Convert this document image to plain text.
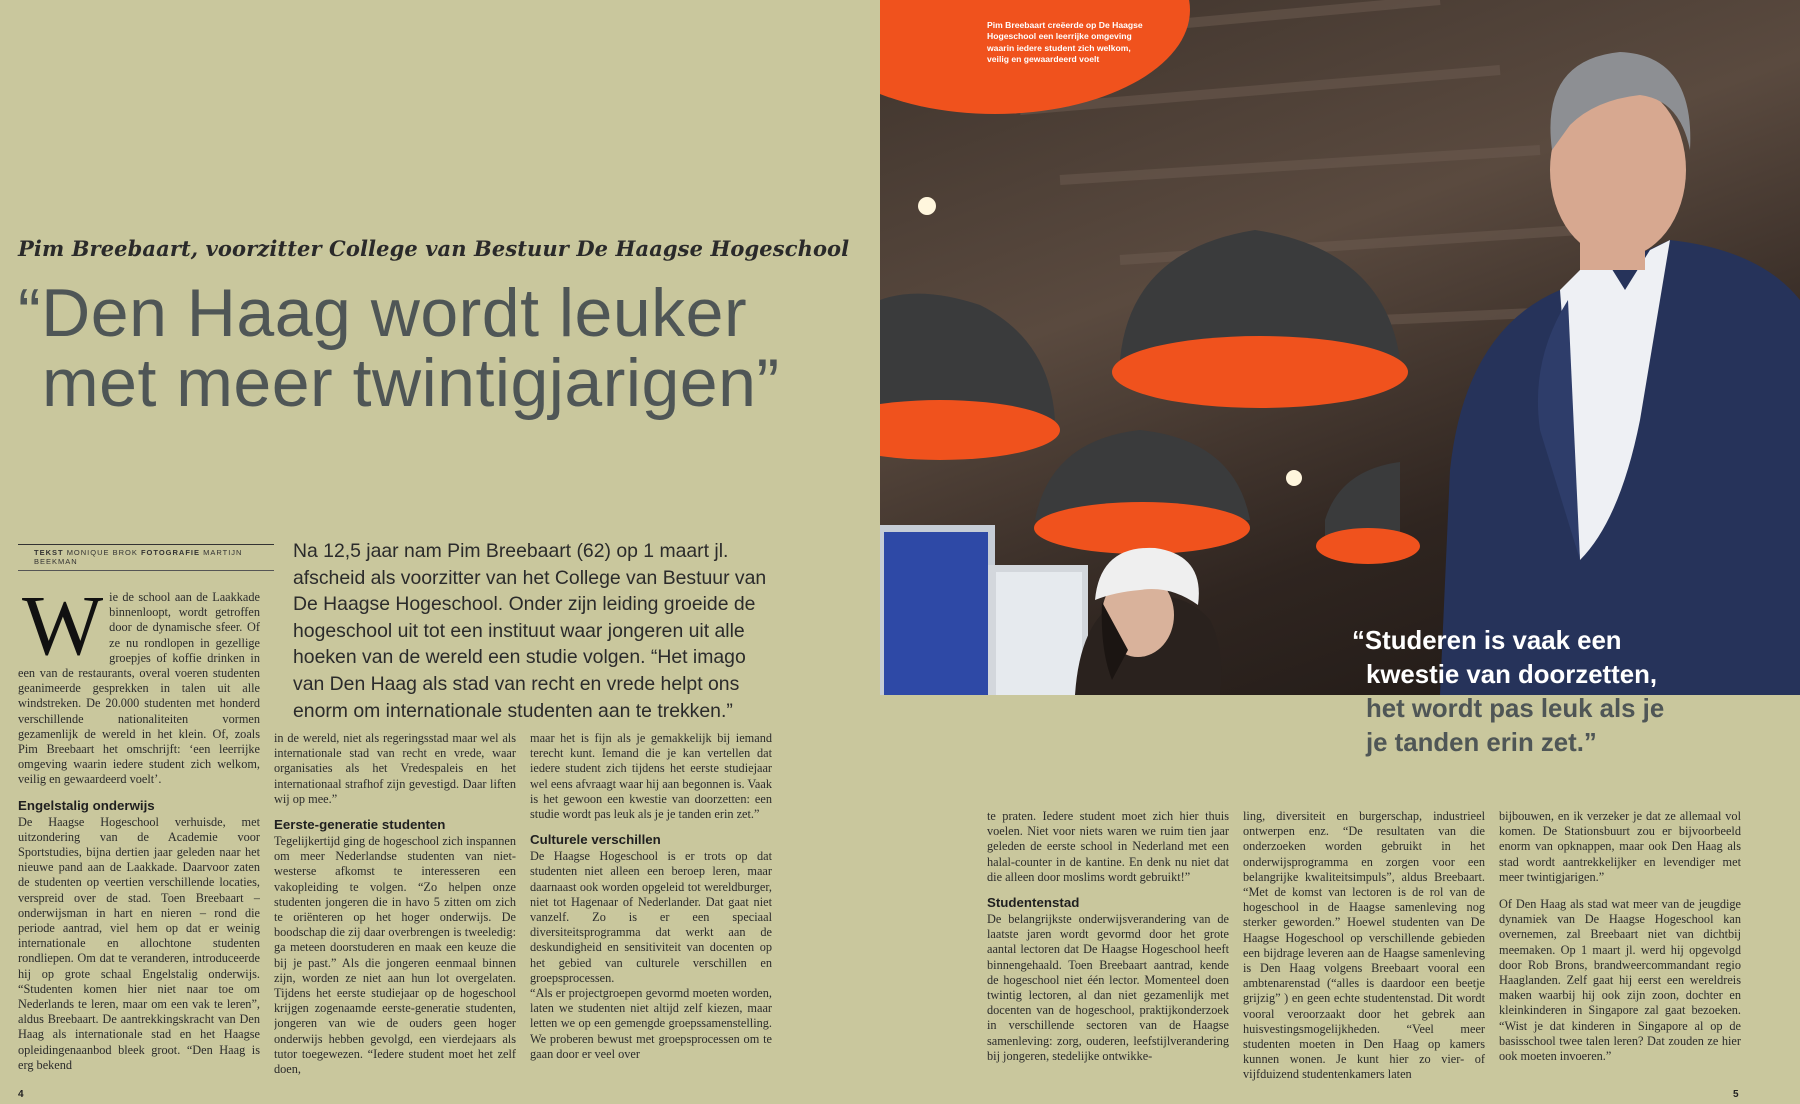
Pim Breebaart, voorzitter College van Bestuur De Haagse Hogeschool
“Den Haag wordt leuker
met meer twintigjarigen”
TEKST MONIQUE BROK FOTOGRAFIE MARTIJN BEEKMAN	Na 12,5 jaar nam Pim Breebaart (62) op 1 maart jl. afscheid als voorzitter van het College van Bestuur van De Haagse Hogeschool. Onder zijn leiding groeide de hogeschool uit tot een instituut waar jongeren uit alle hoeken van de wereld een studie volgen. “Het imago van Den Haag als stad van recht en vrede helpt ons enorm om internationale studenten aan te trekken.”
W ie de school aan de Laakkade binnenloopt, wordt getroffen door de dynamische sfeer. Of ze nu rondlopen in gezellige groepjes of koffie drinken in een van de restaurants, overal voeren studenten geanimeerde gesprekken in talen uit alle windstreken. De 20.000 studenten met honderd verschillende nationaliteiten vormen gezamenlijk de wereld in het klein. Of, zoals Pim Breebaart het omschrijft: ‘een leerrijke omgeving waarin iedere student zich welkom, veilig en gewaardeerd voelt’.

Engelstalig onderwijs

De Haagse Hogeschool verhuisde, met uitzondering van de Academie voor Sportstudies, bijna dertien jaar geleden naar het nieuwe pand aan de Laakkade. Daarvoor zaten de studenten op veertien verschillende locaties, verspreid over de stad. Toen Breebaart – onderwijsman in hart en nieren – rond die periode aantrad, viel hem op dat er weinig internationale en allochtone studenten rondliepen. Om dat te veranderen, introduceerde hij op grote schaal Engelstalig onderwijs. “Studenten komen hier niet naar toe om Nederlands te leren, maar om een vak te leren”, aldus Breebaart. De aantrekkingskracht van Den Haag als internationale stad en het Haagse opleidingenaanbod bleek groot. “Den Haag is erg bekend

in de wereld, niet als regeringsstad maar wel als internationale stad van recht en vrede, waar organisaties als het Vredespaleis en het internationaal strafhof zijn gevestigd. Daar liften wij op mee.”

Eerste-generatie studenten

Tegelijkertijd ging de hogeschool zich inspannen om meer Nederlandse studenten van niet-westerse afkomst te interesseren een vakopleiding te volgen. “Zo helpen onze studenten jongeren die in havo 5 zitten om zich te oriënteren op het hoger onderwijs. De boodschap die zij daar overbrengen is tweeledig: ga meteen doorstuderen en maak een keuze die bij je past.” Als die jongeren eenmaal binnen zijn, worden ze niet aan hun lot overgelaten. Tijdens het eerste studiejaar op de hogeschool krijgen zogenaamde eerste-generatie studenten, jongeren van wie de ouders geen hoger onderwijs hebben gevolgd, een vierdejaars als tutor toegewezen. “Iedere student moet het zelf doen,

maar het is fijn als je gemakkelijk bij iemand terecht kunt. Iemand die je kan vertellen dat iedere student zich tijdens het eerste studiejaar wel eens afvraagt waar hij aan begonnen is. Vaak is het gewoon een kwestie van doorzetten: een studie wordt pas leuk als je je tanden erin zet.”

Culturele verschillen

De Haagse Hogeschool is er trots op dat studenten niet alleen een beroep leren, maar daarnaast ook worden opgeleid tot wereldburger, niet tot Hagenaar of Nederlander. Dat gaat niet vanzelf. Zo is er een speciaal diversiteitsprogramma dat werkt aan de deskundigheid en sensitiviteit van docenten op het gebied van culturele verschillen en groepsprocessen.

“Als er projectgroepen gevormd moeten worden, laten we studenten niet altijd zelf kiezen, maar letten we op een gemengde groepssamenstelling. We proberen bewust met groepsprocessen om te gaan door er veel over

4
Pim Breebaart creëerde op De Haagse Hogeschool een leerrijke omgeving waarin iedere student zich welkom, veilig en gewaardeerd voelt
“Studeren is vaak een
kwestie van doorzetten,
het wordt pas leuk als je
je tanden erin zet.”

te praten. Iedere student moet zich hier thuis voelen. Niet voor niets waren we ruim tien jaar geleden de eerste school in Nederland met een halal-counter in de kantine. En denk nu niet dat die alleen door moslims wordt gebruikt!”

Studentenstad

De belangrijkste onderwijsverandering van de laatste jaren wordt gevormd door het grote aantal lectoren dat De Haagse Hogeschool heeft binnengehaald. Toen Breebaart aantrad, kende de hogeschool niet één lector. Momenteel doen twintig lectoren, al dan niet gezamenlijk met docenten van de hogeschool, praktijkonderzoek in verschillende sectoren van de Haagse samenleving: zorg, ouderen, leefstijlverandering bij jongeren, stedelijke ontwikke-

ling, diversiteit en burgerschap, industrieel ontwerpen enz. “De resultaten van die onderzoeken worden gebruikt in het onderwijsprogramma en zorgen voor een belangrijke kwaliteitsimpuls”, aldus Breebaart. “Met de komst van lectoren is de rol van de hogeschool in de Haagse samenleving nog sterker geworden.” Hoewel studenten van De Haagse Hogeschool op verschillende gebieden een bijdrage leveren aan de Haagse samenleving is Den Haag volgens Breebaart vooral een ambtenarenstad (“alles is daardoor een beetje grijzig” ) en geen echte studentenstad. Dit wordt vooral veroorzaakt door het gebrek aan huisvestingsmogelijkheden. “Veel meer studenten moeten in Den Haag op kamers kunnen wonen. Je kunt hier zo vier- of vijfduizend studentenkamers laten

bijbouwen, en ik verzeker je dat ze allemaal vol komen. De Stationsbuurt zou er bijvoorbeeld enorm van opknappen, maar ook Den Haag als stad wordt aantrekkelijker en levendiger met meer twintigjarigen.”

Of Den Haag als stad wat meer van de jeugdige dynamiek van De Haagse Hogeschool kan overnemen, zal Breebaart niet van dichtbij meemaken. Op 1 maart jl. werd hij opgevolgd door Rob Brons, brandweercommandant regio Haaglanden. Zelf gaat hij eerst een wereldreis maken waarbij hij ook zijn zoon, dochter en kleinkinderen in Singapore zal gaat bezoeken. “Wist je dat kinderen in Singapore al op de basisschool twee talen leren? Dat zouden ze hier ook moeten invoeren.”

5
